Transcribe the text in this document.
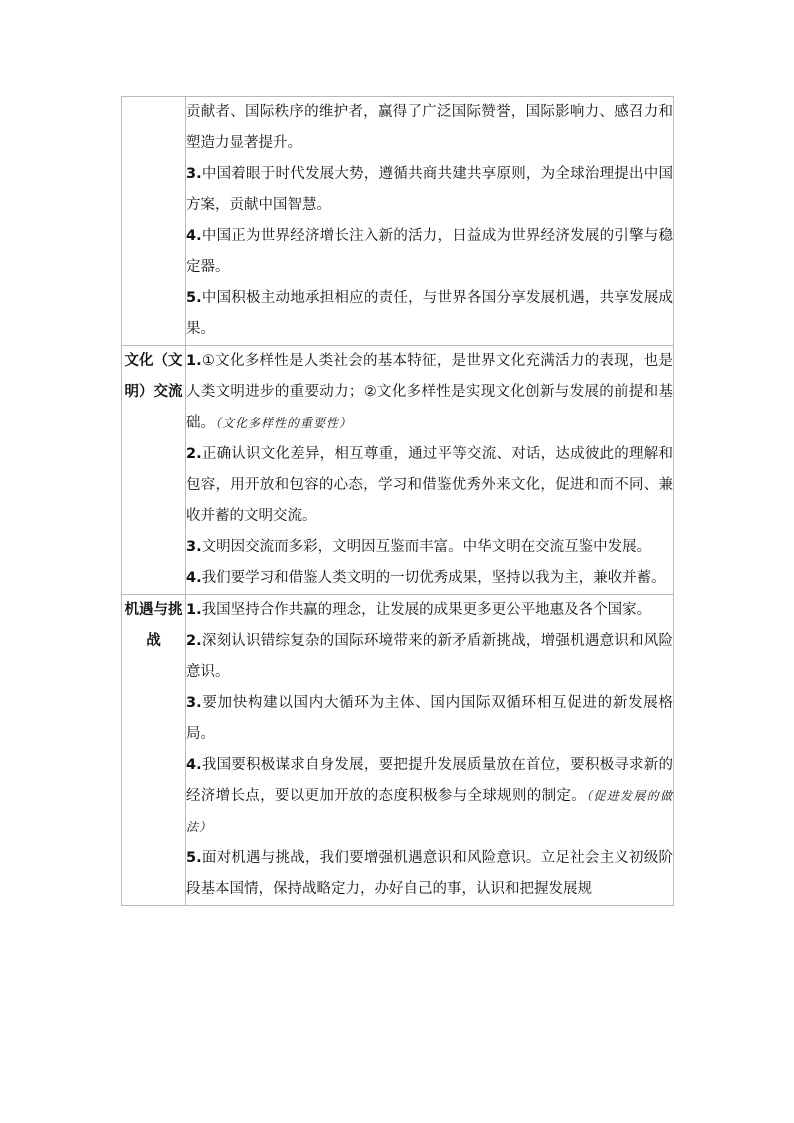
	贡献者、国际秩序的维护者，赢得了广泛国际赞誉，国际影响力、感召力和塑造力显著提升。

3.中国着眼于时代发展大势，遵循共商共建共享原则，为全球治理提出中国方案，贡献中国智慧。

4.中国正为世界经济增长注入新的活力，日益成为世界经济发展的引擎与稳定器。

5.中国积极主动地承担相应的责任，与世界各国分享发展机遇，共享发展成果。

文化（文明）交流	1.①文化多样性是人类社会的基本特征，是世界文化充满活力的表现，也是人类文明进步的重要动力；②文化多样性是实现文化创新与发展的前提和基础。（文化多样性的重要性）

2.正确认识文化差异，相互尊重，通过平等交流、对话，达成彼此的理解和包容，用开放和包容的心态，学习和借鉴优秀外来文化，促进和而不同、兼收并蓄的文明交流。

3.文明因交流而多彩，文明因互鉴而丰富。中华文明在交流互鉴中发展。

4.我们要学习和借鉴人类文明的一切优秀成果，坚持以我为主，兼收并蓄。

机遇与挑战	1.我国坚持合作共赢的理念，让发展的成果更多更公平地惠及各个国家。

2.深刻认识错综复杂的国际环境带来的新矛盾新挑战，增强机遇意识和风险意识。

3.要加快构建以国内大循环为主体、国内国际双循环相互促进的新发展格局。

4.我国要积极谋求自身发展，要把提升发展质量放在首位，要积极寻求新的经济增长点，要以更加开放的态度积极参与全球规则的制定。（促进发展的做法）

5.面对机遇与挑战，我们要增强机遇意识和风险意识。立足社会主义初级阶段基本国情，保持战略定力，办好自己的事，认识和把握发展规
